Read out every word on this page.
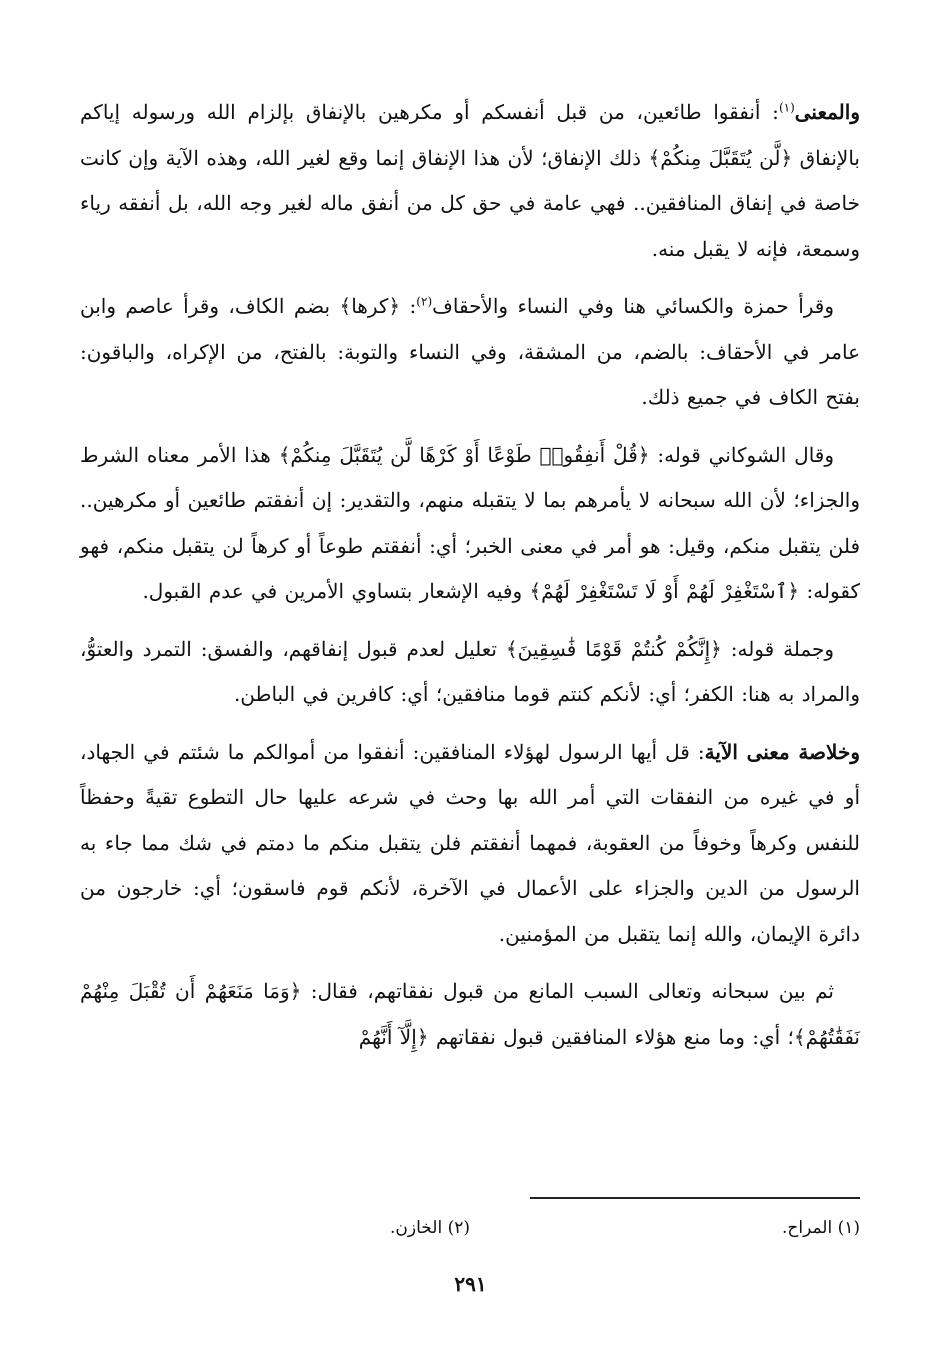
والمعنى$^{(١)}$: أنفقوا طائعين، من قبل أنفسكم أو مكرهين بالإنفاق بإلزام الله ورسوله إياكم بالإنفاق ﴿لَّن يُتَقَبَّلَ مِنكُمْ﴾ ذلك الإنفاق؛ لأن هذا الإنفاق إنما وقع لغير الله، وهذه الآية وإن كانت خاصة في إنفاق المنافقين.. فهي عامة في حق كل من أنفق ماله لغير وجه الله، بل أنفقه رياء وسمعة، فإنه لا يقبل منه.

وقرأ حمزة والكسائي هنا وفي النساء والأحقاف$^{(٢)}$: ﴿كرها﴾ بضم الكاف، وقرأ عاصم وابن عامر في الأحقاف: بالضم، من المشقة، وفي النساء والتوبة: بالفتح، من الإكراه، والباقون: بفتح الكاف في جميع ذلك.

وقال الشوكاني قوله: ﴿قُلْ أَنفِقُوا۟ طَوْعًا أَوْ كَرْهًا لَّن يُتَقَبَّلَ مِنكُمْ﴾ هذا الأمر معناه الشرط والجزاء؛ لأن الله سبحانه لا يأمرهم بما لا يتقبله منهم، والتقدير: إن أنفقتم طائعين أو مكرهين.. فلن يتقبل منكم، وقيل: هو أمر في معنى الخبر؛ أي: أنفقتم طوعاً أو كرهاً لن يتقبل منكم، فهو كقوله: ﴿ٱسْتَغْفِرْ لَهُمْ أَوْ لَا تَسْتَغْفِرْ لَهُمْ﴾ وفيه الإشعار بتساوي الأمرين في عدم القبول.

وجملة قوله: ﴿إِنَّكُمْ كُنتُمْ قَوْمًا فَٰسِقِينَ﴾ تعليل لعدم قبول إنفاقهم، والفسق: التمرد والعتوُّ، والمراد به هنا: الكفر؛ أي: لأنكم كنتم قوما منافقين؛ أي: كافرين في الباطن.

وخلاصة معنى الآية: قل أيها الرسول لهؤلاء المنافقين: أنفقوا من أموالكم ما شئتم في الجهاد، أو في غيره من النفقات التي أمر الله بها وحث في شرعه عليها حال التطوع تقيةً وحفظاً للنفس وكرهاً وخوفاً من العقوبة، فمهما أنفقتم فلن يتقبل منكم ما دمتم في شك مما جاء به الرسول من الدين والجزاء على الأعمال في الآخرة، لأنكم قوم فاسقون؛ أي: خارجون من دائرة الإيمان، والله إنما يتقبل من المؤمنين.

ثم بين سبحانه وتعالى السبب المانع من قبول نفقاتهم، فقال: ﴿وَمَا مَنَعَهُمْ أَن تُقْبَلَ مِنْهُمْ نَفَقَٰتُهُمْ﴾؛ أي: وما منع هؤلاء المنافقين قبول نفقاتهم ﴿إِلَّآ أَنَّهُمْ

(١) المراح.
(٢) الخازن.
٢٩١
